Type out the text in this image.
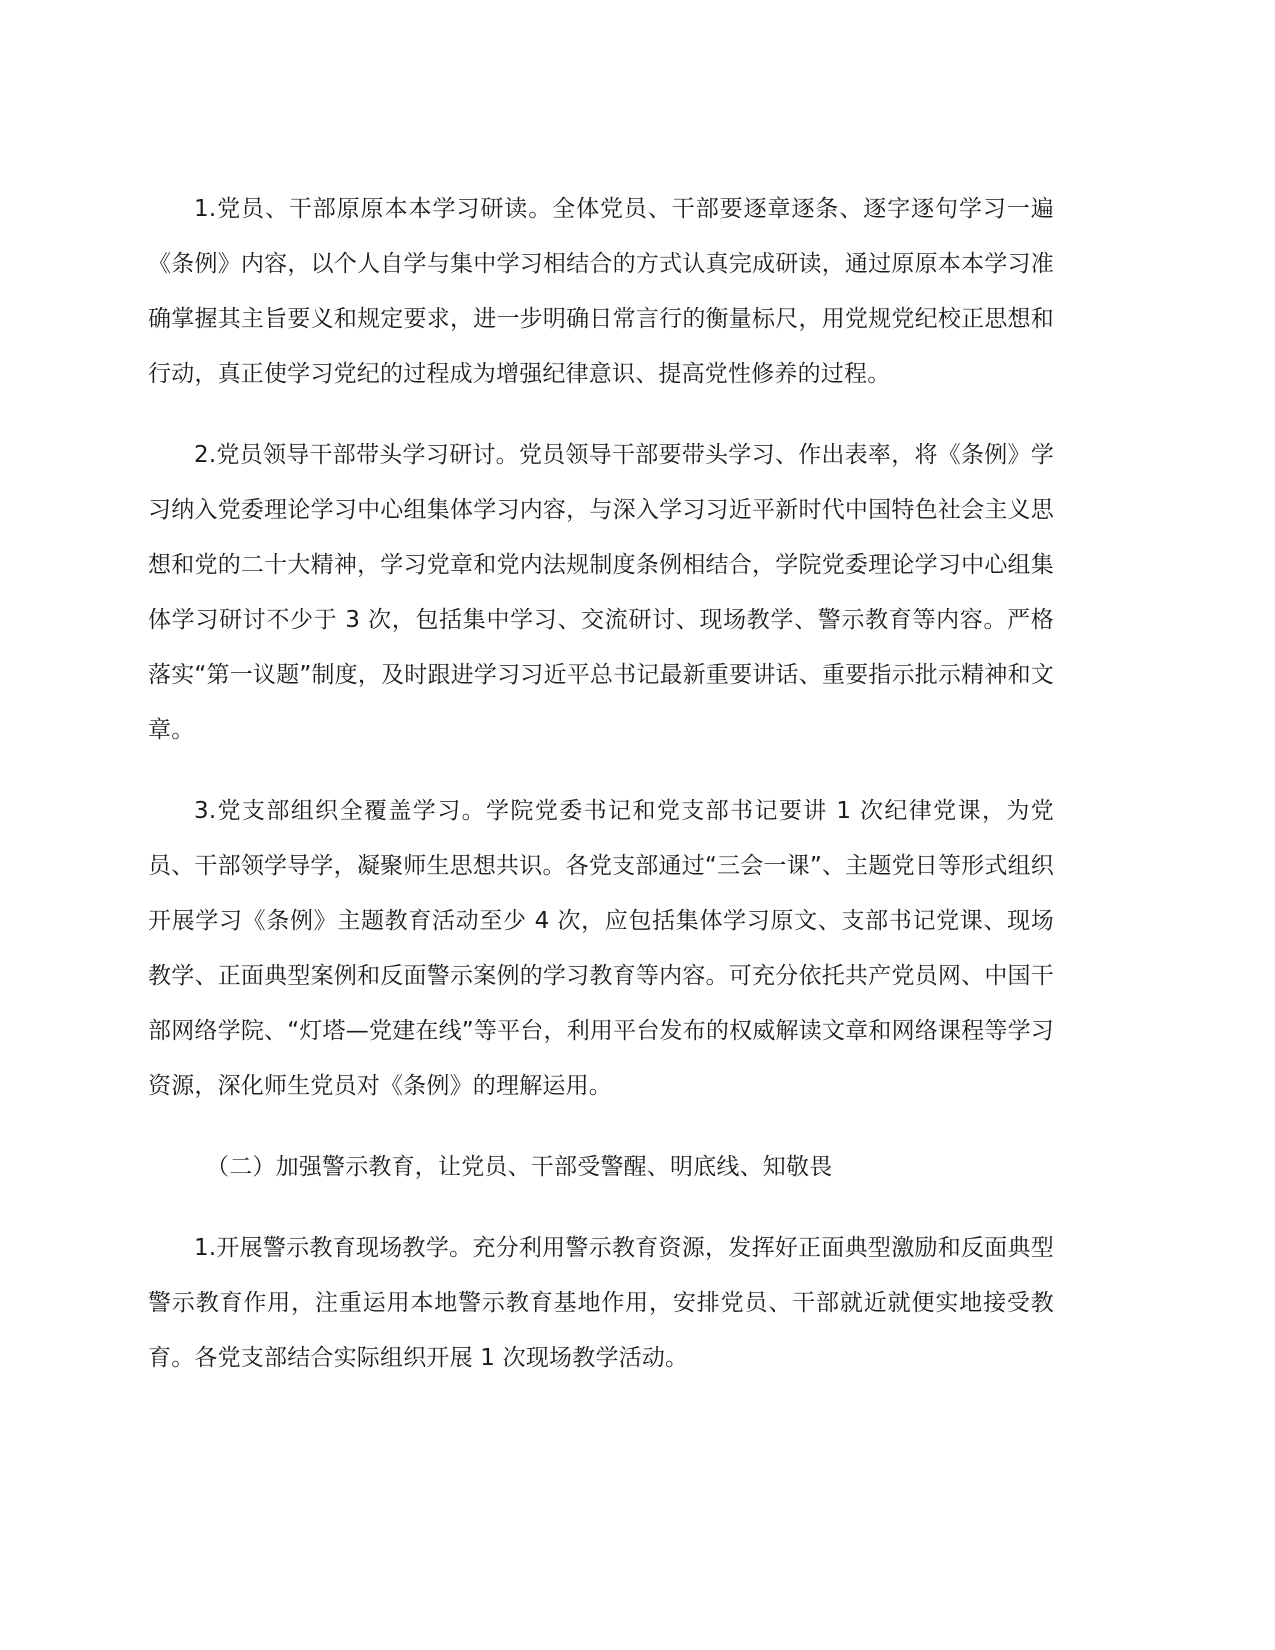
1.党员、干部原原本本学习研读。全体党员、干部要逐章逐条、逐字逐句学习一遍《条例》内容，以个人自学与集中学习相结合的方式认真完成研读，通过原原本本学习准确掌握其主旨要义和规定要求，进一步明确日常言行的衡量标尺，用党规党纪校正思想和行动，真正使学习党纪的过程成为增强纪律意识、提高党性修养的过程。

2.党员领导干部带头学习研讨。党员领导干部要带头学习、作出表率，将《条例》学习纳入党委理论学习中心组集体学习内容，与深入学习习近平新时代中国特色社会主义思想和党的二十大精神，学习党章和党内法规制度条例相结合，学院党委理论学习中心组集体学习研讨不少于 3 次，包括集中学习、交流研讨、现场教学、警示教育等内容。严格落实“第一议题”制度，及时跟进学习习近平总书记最新重要讲话、重要指示批示精神和文章。

3.党支部组织全覆盖学习。学院党委书记和党支部书记要讲 1 次纪律党课，为党员、干部领学导学，凝聚师生思想共识。各党支部通过“三会一课”、主题党日等形式组织开展学习《条例》主题教育活动至少 4 次，应包括集体学习原文、支部书记党课、现场教学、正面典型案例和反面警示案例的学习教育等内容。可充分依托共产党员网、中国干部网络学院、“灯塔—党建在线”等平台，利用平台发布的权威解读文章和网络课程等学习资源，深化师生党员对《条例》的理解运用。

（二）加强警示教育，让党员、干部受警醒、明底线、知敬畏

1.开展警示教育现场教学。充分利用警示教育资源，发挥好正面典型激励和反面典型警示教育作用，注重运用本地警示教育基地作用，安排党员、干部就近就便实地接受教育。各党支部结合实际组织开展 1 次现场教学活动。
